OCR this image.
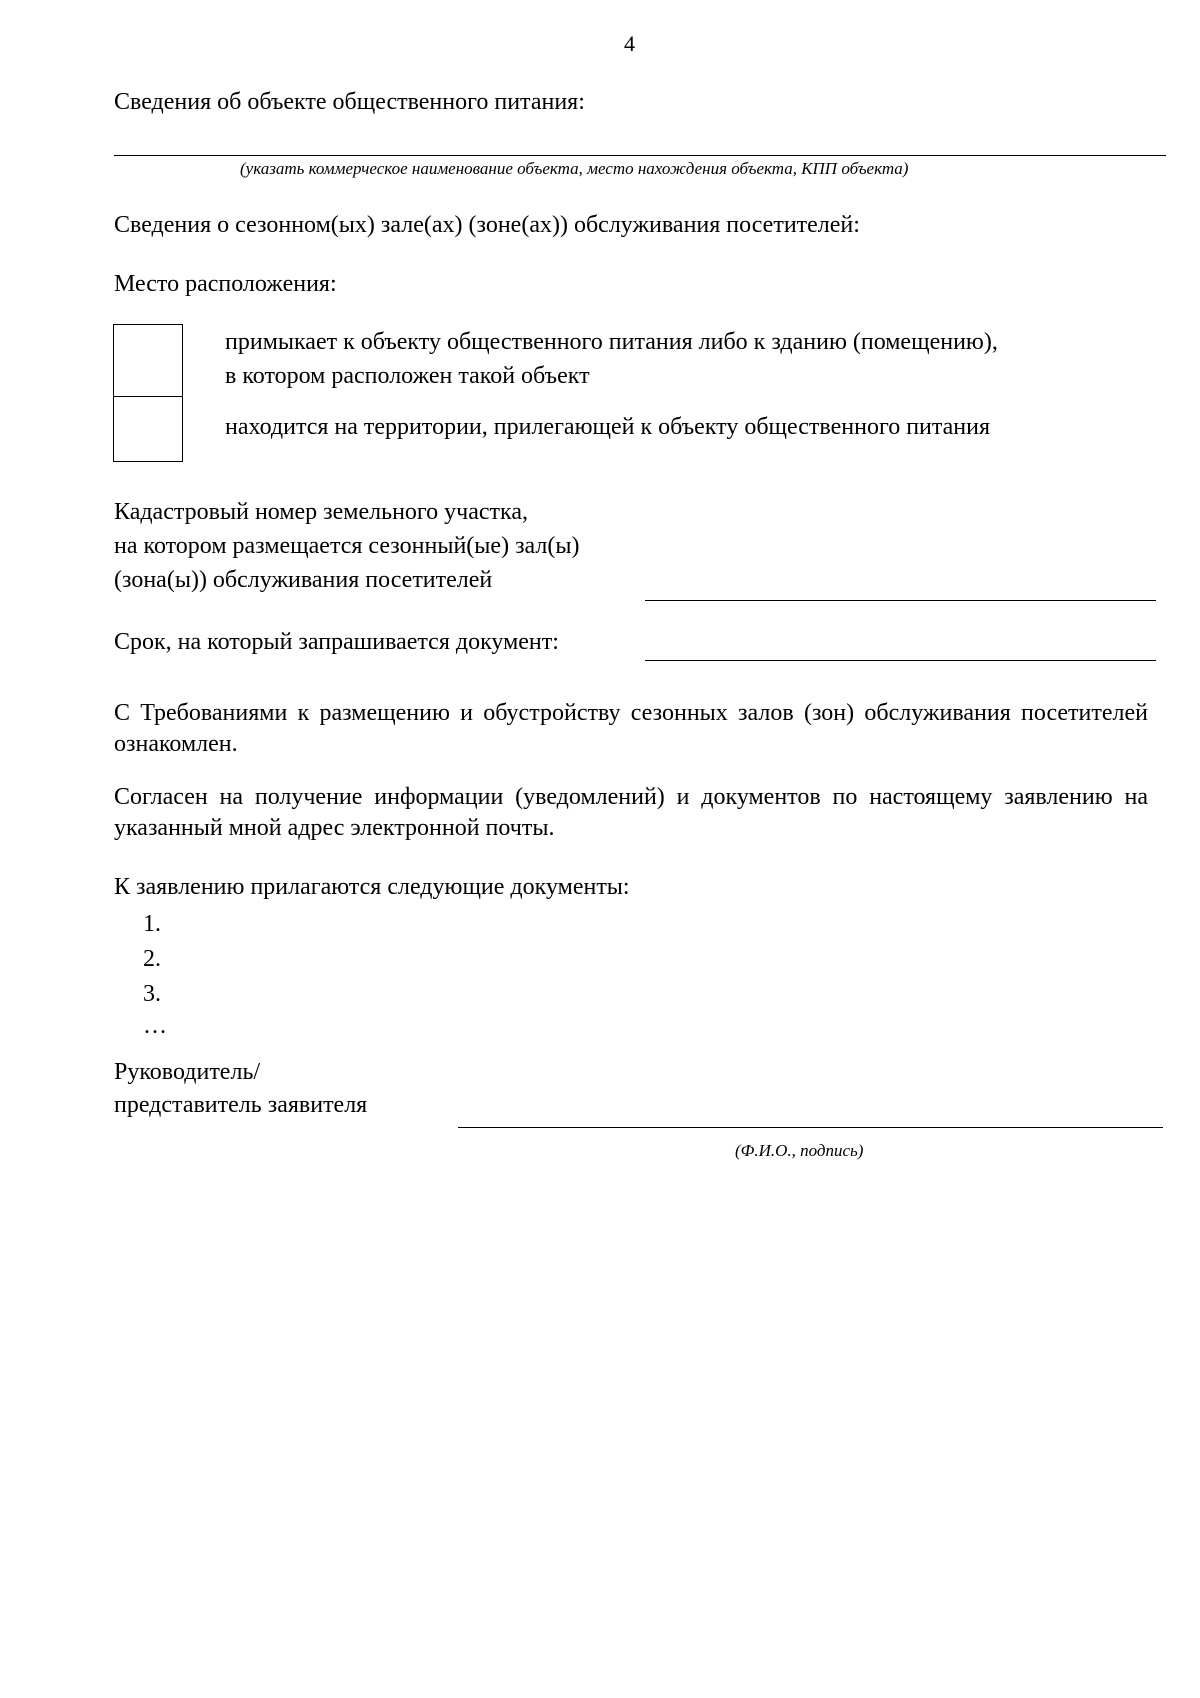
4
Сведения об объекте общественного питания:
(указать коммерческое наименование объекта, место нахождения объекта, КПП объекта)
Сведения о сезонном(ых) зале(ах) (зоне(ах)) обслуживания посетителей:
Место расположения:
примыкает к объекту общественного питания либо к зданию (помещению),
в котором расположен такой объект
находится на территории, прилегающей к объекту общественного питания
Кадастровый номер земельного участка,
на котором размещается сезонный(ые) зал(ы)
(зона(ы)) обслуживания посетителей
Срок, на который запрашивается документ:
С Требованиями к размещению и обустройству сезонных залов (зон) обслуживания посетителей ознакомлен.
Согласен на получение информации (уведомлений) и документов по настоящему заявлению на указанный мной адрес электронной почты.
К заявлению прилагаются следующие документы:
1.
2.
3.
…
Руководитель/
представитель заявителя
(Ф.И.О., подпись)
